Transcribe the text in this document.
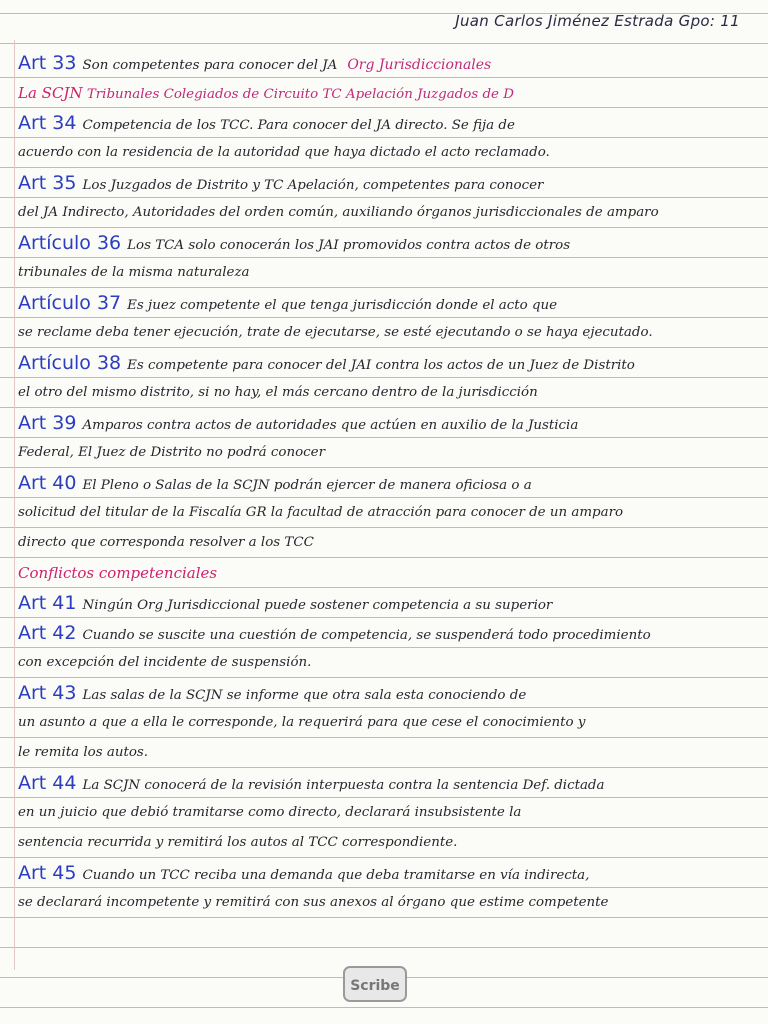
Juan Carlos Jiménez Estrada Gpo: 11
Art 33 Son competentes para conocer del JA Org Jurisdiccionales
La SCJN Tribunales Colegiados de Circuito TC Apelación Juzgados de D
Art 34 Competencia de los TCC. Para conocer del JA directo. Se fija de
acuerdo con la residencia de la autoridad que haya dictado el acto reclamado.
Art 35 Los Juzgados de Distrito y TC Apelación, competentes para conocer
del JA Indirecto, Autoridades del orden común, auxiliando órganos jurisdiccionales de amparo
Artículo 36 Los TCA solo conocerán los JAI promovidos contra actos de otros
tribunales de la misma naturaleza
Artículo 37 Es juez competente el que tenga jurisdicción donde el acto que
se reclame deba tener ejecución, trate de ejecutarse, se esté ejecutando o se haya ejecutado.
Artículo 38 Es competente para conocer del JAI contra los actos de un Juez de Distrito
el otro del mismo distrito, si no hay, el más cercano dentro de la jurisdicción
Art 39 Amparos contra actos de autoridades que actúen en auxilio de la Justicia
Federal, El Juez de Distrito no podrá conocer
Art 40 El Pleno o Salas de la SCJN podrán ejercer de manera oficiosa o a
solicitud del titular de la Fiscalía GR la facultad de atracción para conocer de un amparo
directo que corresponda resolver a los TCC
Conflictos competenciales
Art 41 Ningún Org Jurisdiccional puede sostener competencia a su superior
Art 42 Cuando se suscite una cuestión de competencia, se suspenderá todo procedimiento
con excepción del incidente de suspensión.
Art 43 Las salas de la SCJN se informe que otra sala esta conociendo de
un asunto a que a ella le corresponde, la requerirá para que cese el conocimiento y
le remita los autos.
Art 44 La SCJN conocerá de la revisión interpuesta contra la sentencia Def. dictada
en un juicio que debió tramitarse como directo, declarará insubsistente la
sentencia recurrida y remitirá los autos al TCC correspondiente.
Art 45 Cuando un TCC reciba una demanda que deba tramitarse en vía indirecta,
se declarará incompetente y remitirá con sus anexos al órgano que estime competente
Scribe
